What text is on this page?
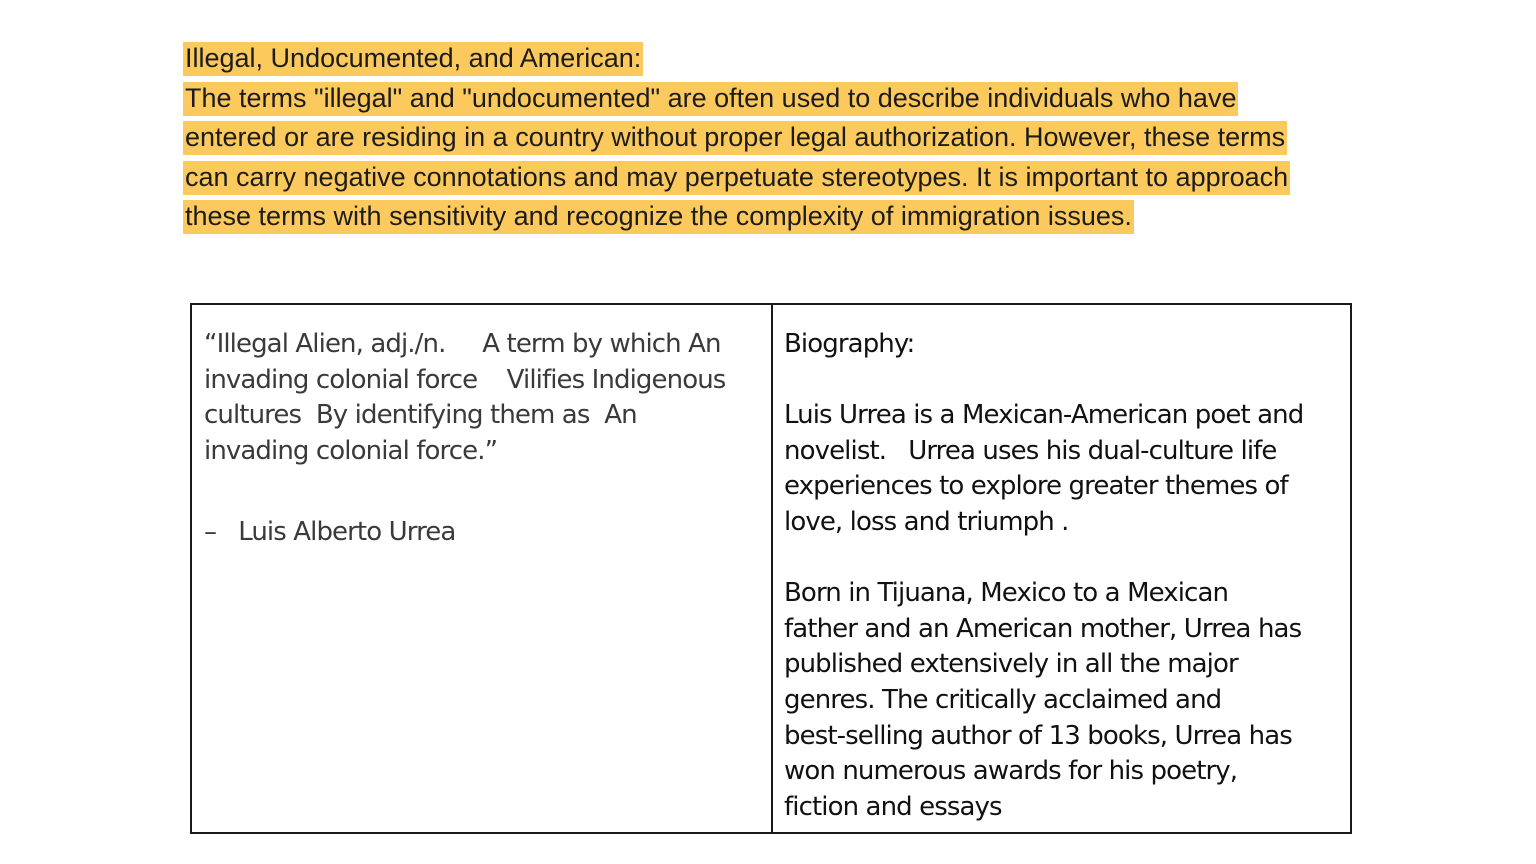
Illegal, Undocumented, and American:
The terms "illegal" and "undocumented" are often used to describe individuals who have
entered or are residing in a country without proper legal authorization. However, these terms
can carry negative connotations and may perpetuate stereotypes. It is important to approach
these terms with sensitivity and recognize the complexity of immigration issues.
“Illegal Alien, adj./n.     A term by which An
invading colonial force    Vilifies Indigenous
cultures  By identifying them as  An
invading colonial force.”
–   Luis Alberto Urrea
Biography:
Luis Urrea is a Mexican-American poet and
novelist.   Urrea uses his dual-culture life
experiences to explore greater themes of
love, loss and triumph .
Born in Tijuana, Mexico to a Mexican
father and an American mother, Urrea has
published extensively in all the major
genres. The critically acclaimed and
best-selling author of 13 books, Urrea has
won numerous awards for his poetry,
fiction and essays
